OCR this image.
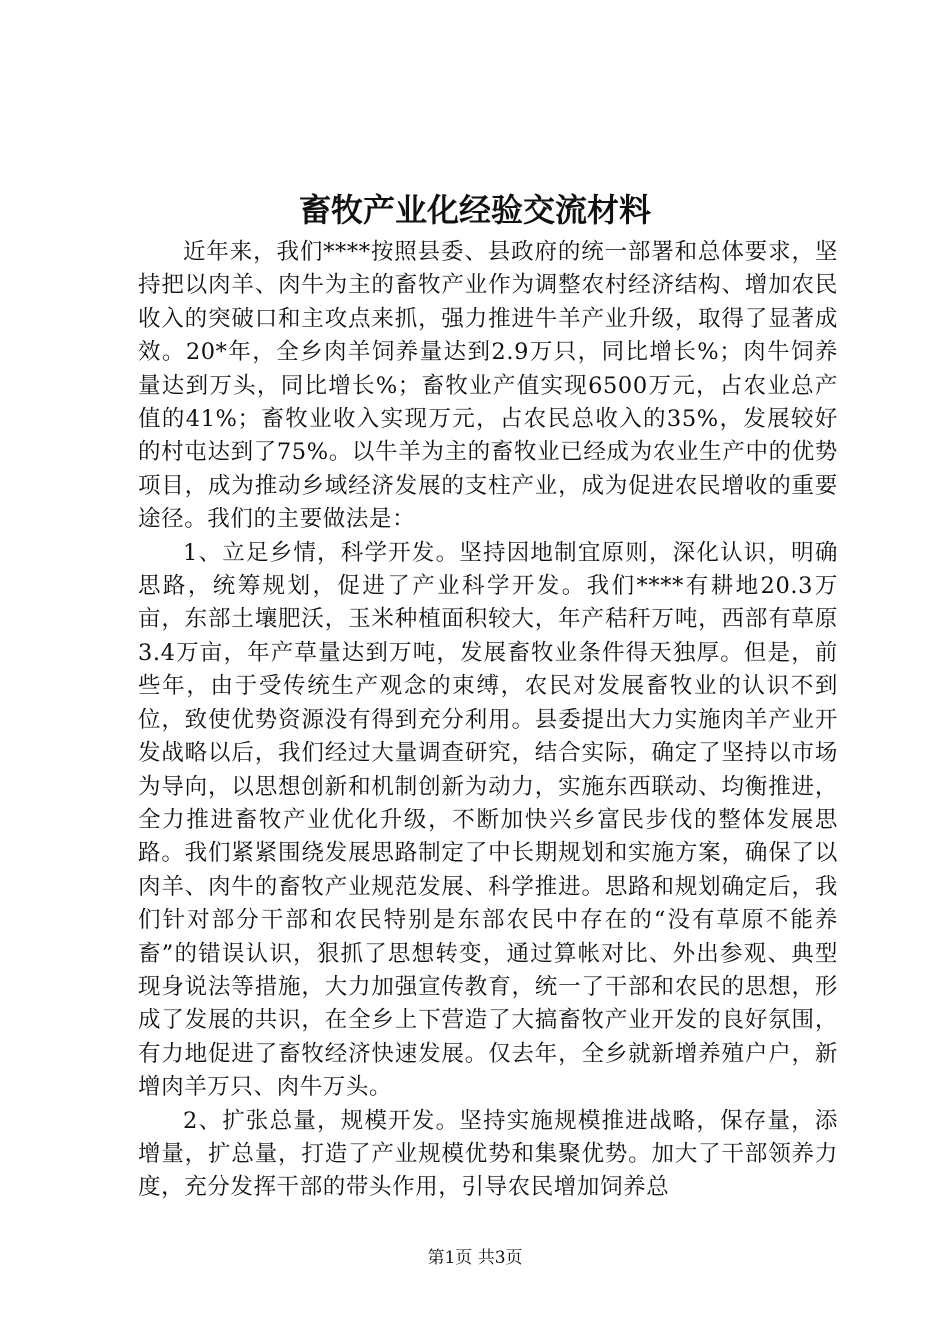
畜牧产业化经验交流材料

近年来，我们****按照县委、县政府的统一部署和总体要求，坚持把以肉羊、肉牛为主的畜牧产业作为调整农村经济结构、增加农民收入的突破口和主攻点来抓，强力推进牛羊产业升级，取得了显著成效。20*年，全乡肉羊饲养量达到2.9万只，同比增长%；肉牛饲养量达到万头，同比增长%；畜牧业产值实现6500万元，占农业总产值的41%；畜牧业收入实现万元，占农民总收入的35%，发展较好的村屯达到了75%。以牛羊为主的畜牧业已经成为农业生产中的优势项目，成为推动乡域经济发展的支柱产业，成为促进农民增收的重要途径。我们的主要做法是：

1、立足乡情，科学开发。坚持因地制宜原则，深化认识，明确思路，统筹规划，促进了产业科学开发。我们****有耕地20.3万亩，东部土壤肥沃，玉米种植面积较大，年产秸秆万吨，西部有草原3.4万亩，年产草量达到万吨，发展畜牧业条件得天独厚。但是，前些年，由于受传统生产观念的束缚，农民对发展畜牧业的认识不到位，致使优势资源没有得到充分利用。县委提出大力实施肉羊产业开发战略以后，我们经过大量调查研究，结合实际，确定了坚持以市场为导向，以思想创新和机制创新为动力，实施东西联动、均衡推进，全力推进畜牧产业优化升级，不断加快兴乡富民步伐的整体发展思路。我们紧紧围绕发展思路制定了中长期规划和实施方案，确保了以肉羊、肉牛的畜牧产业规范发展、科学推进。思路和规划确定后，我们针对部分干部和农民特别是东部农民中存在的“没有草原不能养畜”的错误认识，狠抓了思想转变，通过算帐对比、外出参观、典型现身说法等措施，大力加强宣传教育，统一了干部和农民的思想，形成了发展的共识，在全乡上下营造了大搞畜牧产业开发的良好氛围，有力地促进了畜牧经济快速发展。仅去年，全乡就新增养殖户户，新增肉羊万只、肉牛万头。

2、扩张总量，规模开发。坚持实施规模推进战略，保存量，添增量，扩总量，打造了产业规模优势和集聚优势。加大了干部领养力度，充分发挥干部的带头作用，引导农民增加饲养总

第1页 共3页
